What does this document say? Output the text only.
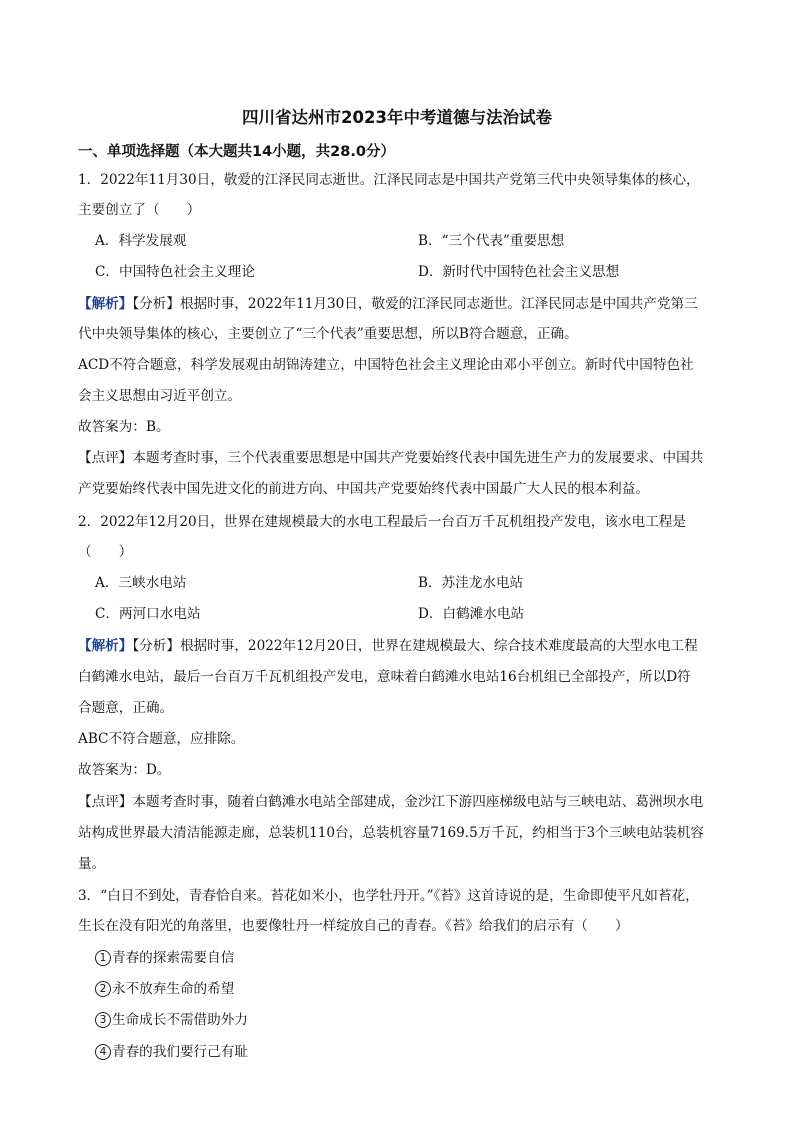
四川省达州市2023年中考道德与法治试卷
一、单项选择题（本大题共14小题，共28.0分）
1．2022年11月30日，敬爱的江泽民同志逝世。江泽民同志是中国共产党第三代中央领导集体的核心，
主要创立了（　　）
A．科学发展观	B．“三个代表”重要思想
C．中国特色社会主义理论	D．新时代中国特色社会主义思想
【解析】【分析】根据时事，2022年11月30日，敬爱的江泽民同志逝世。江泽民同志是中国共产党第三
代中央领导集体的核心，主要创立了“三个代表”重要思想，所以B符合题意，正确。
ACD不符合题意，科学发展观由胡锦涛建立，中国特色社会主义理论由邓小平创立。新时代中国特色社
会主义思想由习近平创立。
故答案为：B。
【点评】本题考查时事，三个代表重要思想是中国共产党要始终代表中国先进生产力的发展要求、中国共
产党要始终代表中国先进文化的前进方向、中国共产党要始终代表中国最广大人民的根本利益。
2．2022年12月20日，世界在建规模最大的水电工程最后一台百万千瓦机组投产发电，该水电工程是
（　　）
A．三峡水电站	B．苏洼龙水电站
C．两河口水电站	D．白鹤滩水电站
【解析】【分析】根据时事，2022年12月20日，世界在建规模最大、综合技术难度最高的大型水电工程
白鹤滩水电站，最后一台百万千瓦机组投产发电，意味着白鹤滩水电站16台机组已全部投产，所以D符
合题意，正确。
ABC不符合题意，应排除。
故答案为：D。
【点评】本题考查时事，随着白鹤滩水电站全部建成，金沙江下游四座梯级电站与三峡电站、葛洲坝水电
站构成世界最大清洁能源走廊，总装机110台，总装机容量7169.5万千瓦，约相当于3个三峡电站装机容
量。
3．“白日不到处，青春恰自来。苔花如米小，也学牡丹开。”《苔》这首诗说的是，生命即使平凡如苔花，
生长在没有阳光的角落里，也要像牡丹一样绽放自己的青春。《苔》给我们的启示有（　　）
1 青春的探索需要自信
2 永不放弃生命的希望
3 生命成长不需借助外力
4 青春的我们要行己有耻
